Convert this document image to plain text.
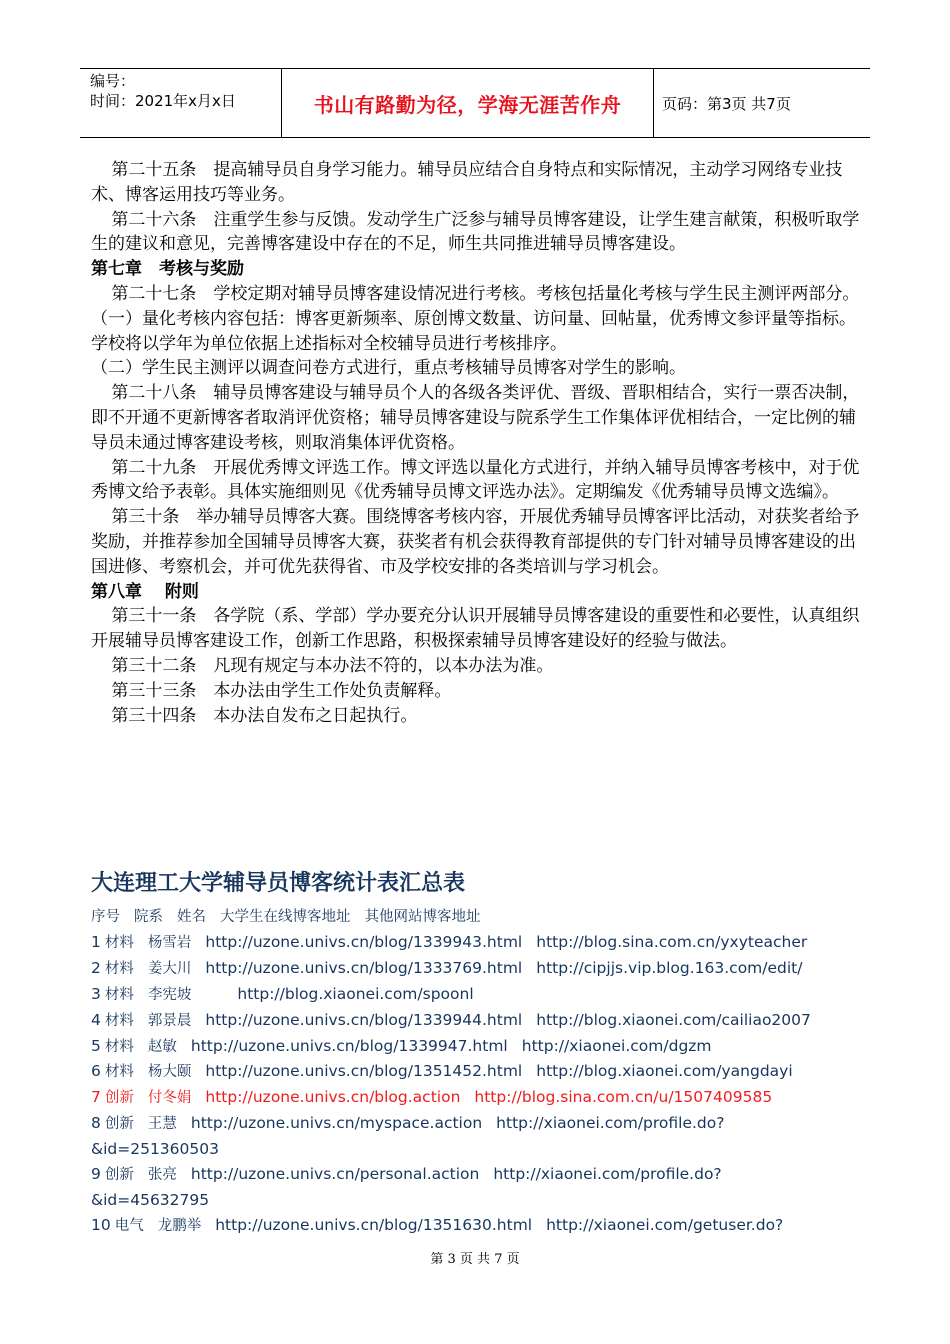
编号：
时间：2021年x月x日	书山有路勤为径，学海无涯苦作舟	页码：第3页 共7页

第二十五条　提高辅导员自身学习能力。辅导员应结合自身特点和实际情况，主动学习网络专业技术、博客运用技巧等业务。

第二十六条　注重学生参与反馈。发动学生广泛参与辅导员博客建设，让学生建言献策，积极听取学生的建议和意见，完善博客建设中存在的不足，师生共同推进辅导员博客建设。

第七章　考核与奖励

第二十七条　学校定期对辅导员博客建设情况进行考核。考核包括量化考核与学生民主测评两部分。

（一）量化考核内容包括：博客更新频率、原创博文数量、访问量、回帖量，优秀博文参评量等指标。学校将以学年为单位依据上述指标对全校辅导员进行考核排序。

（二）学生民主测评以调查问卷方式进行，重点考核辅导员博客对学生的影响。

第二十八条　辅导员博客建设与辅导员个人的各级各类评优、晋级、晋职相结合，实行一票否决制，即不开通不更新博客者取消评优资格；辅导员博客建设与院系学生工作集体评优相结合，一定比例的辅导员未通过博客建设考核，则取消集体评优资格。

第二十九条　开展优秀博文评选工作。博文评选以量化方式进行，并纳入辅导员博客考核中，对于优秀博文给予表彰。具体实施细则见《优秀辅导员博文评选办法》。定期编发《优秀辅导员博文选编》。

第三十条　举办辅导员博客大赛。围绕博客考核内容，开展优秀辅导员博客评比活动，对获奖者给予奖励，并推荐参加全国辅导员博客大赛，获奖者有机会获得教育部提供的专门针对辅导员博客建设的出国进修、考察机会，并可优先获得省、市及学校安排的各类培训与学习机会。

第八章　 附则

第三十一条　各学院（系、学部）学办要充分认识开展辅导员博客建设的重要性和必要性，认真组织开展辅导员博客建设工作，创新工作思路，积极探索辅导员博客建设好的经验与做法。

第三十二条　凡现有规定与本办法不符的，以本办法为准。

第三十三条　本办法由学生工作处负责解释。

第三十四条　本办法自发布之日起执行。

大连理工大学辅导员博客统计表汇总表
序号 院系 姓名 大学生在线博客地址 其他网站博客地址
1 材料 杨雪岩 http://uzone.univs.cn/blog/1339943.html http://blog.sina.com.cn/yxyteacher
2 材料 姜大川 http://uzone.univs.cn/blog/1333769.html http://cipjjs.vip.blog.163.com/edit/
3 材料 李宪坡	http://blog.xiaonei.com/spoonl
4 材料 郭景晨 http://uzone.univs.cn/blog/1339944.html http://blog.xiaonei.com/cailiao2007
5 材料 赵敏 http://uzone.univs.cn/blog/1339947.html http://xiaonei.com/dgzm
6 材料 杨大颐 http://uzone.univs.cn/blog/1351452.html http://blog.xiaonei.com/yangdayi
7 创新 付冬娟 http://uzone.univs.cn/blog.action http://blog.sina.com.cn/u/1507409585
8 创新 王慧 http://uzone.univs.cn/myspace.action http://xiaonei.com/profile.do?
&id=251360503
9 创新 张亮 http://uzone.univs.cn/personal.action http://xiaonei.com/profile.do?
&id=45632795
10 电气 龙鹏举 http://uzone.univs.cn/blog/1351630.html http://xiaonei.com/getuser.do?
第 3 页 共 7 页
